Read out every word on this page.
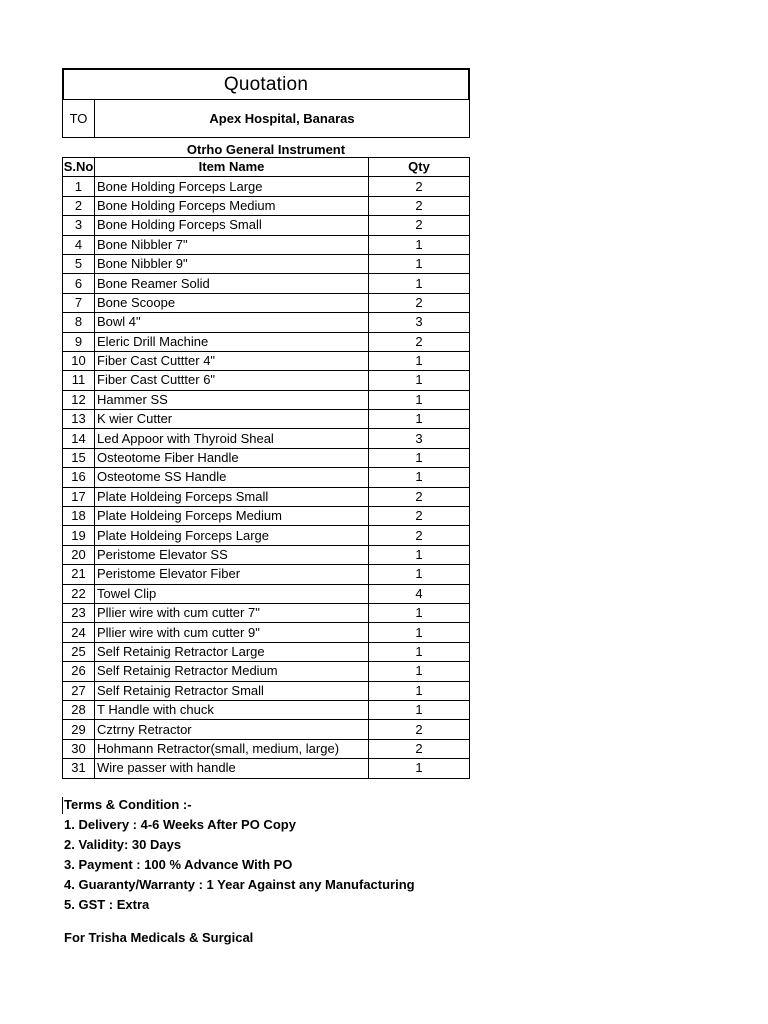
Quotation
TO	Apex Hospital, Banaras
Otrho General Instrument
S.No	Item Name	Qty
1	Bone Holding Forceps Large	2
2	Bone Holding Forceps Medium	2
3	Bone Holding Forceps Small	2
4	Bone Nibbler 7"	1
5	Bone Nibbler 9"	1
6	Bone Reamer Solid	1
7	Bone Scoope	2
8	Bowl 4"	3
9	Eleric Drill Machine	2
10	Fiber Cast Cuttter 4"	1
11	Fiber Cast Cuttter 6"	1
12	Hammer SS	1
13	K wier Cutter	1
14	Led Appoor with Thyroid Sheal	3
15	Osteotome Fiber Handle	1
16	Osteotome SS Handle	1
17	Plate Holdeing Forceps Small	2
18	Plate Holdeing Forceps Medium	2
19	Plate Holdeing Forceps Large	2
20	Peristome Elevator SS	1
21	Peristome Elevator Fiber	1
22	Towel Clip	4
23	Pllier wire with cum cutter 7"	1
24	Pllier wire with cum cutter 9"	1
25	Self Retainig Retractor Large	1
26	Self Retainig Retractor Medium	1
27	Self Retainig Retractor Small	1
28	T Handle with chuck	1
29	Cztrny Retractor	2
30	Hohmann Retractor(small, medium, large)	2
31	Wire passer with handle	1
Terms & Condition :-
1. Delivery : 4-6 Weeks After PO Copy
2. Validity: 30 Days
3. Payment : 100 % Advance With PO
4. Guaranty/Warranty : 1 Year Against any Manufacturing
5. GST : Extra
For Trisha Medicals & Surgical
